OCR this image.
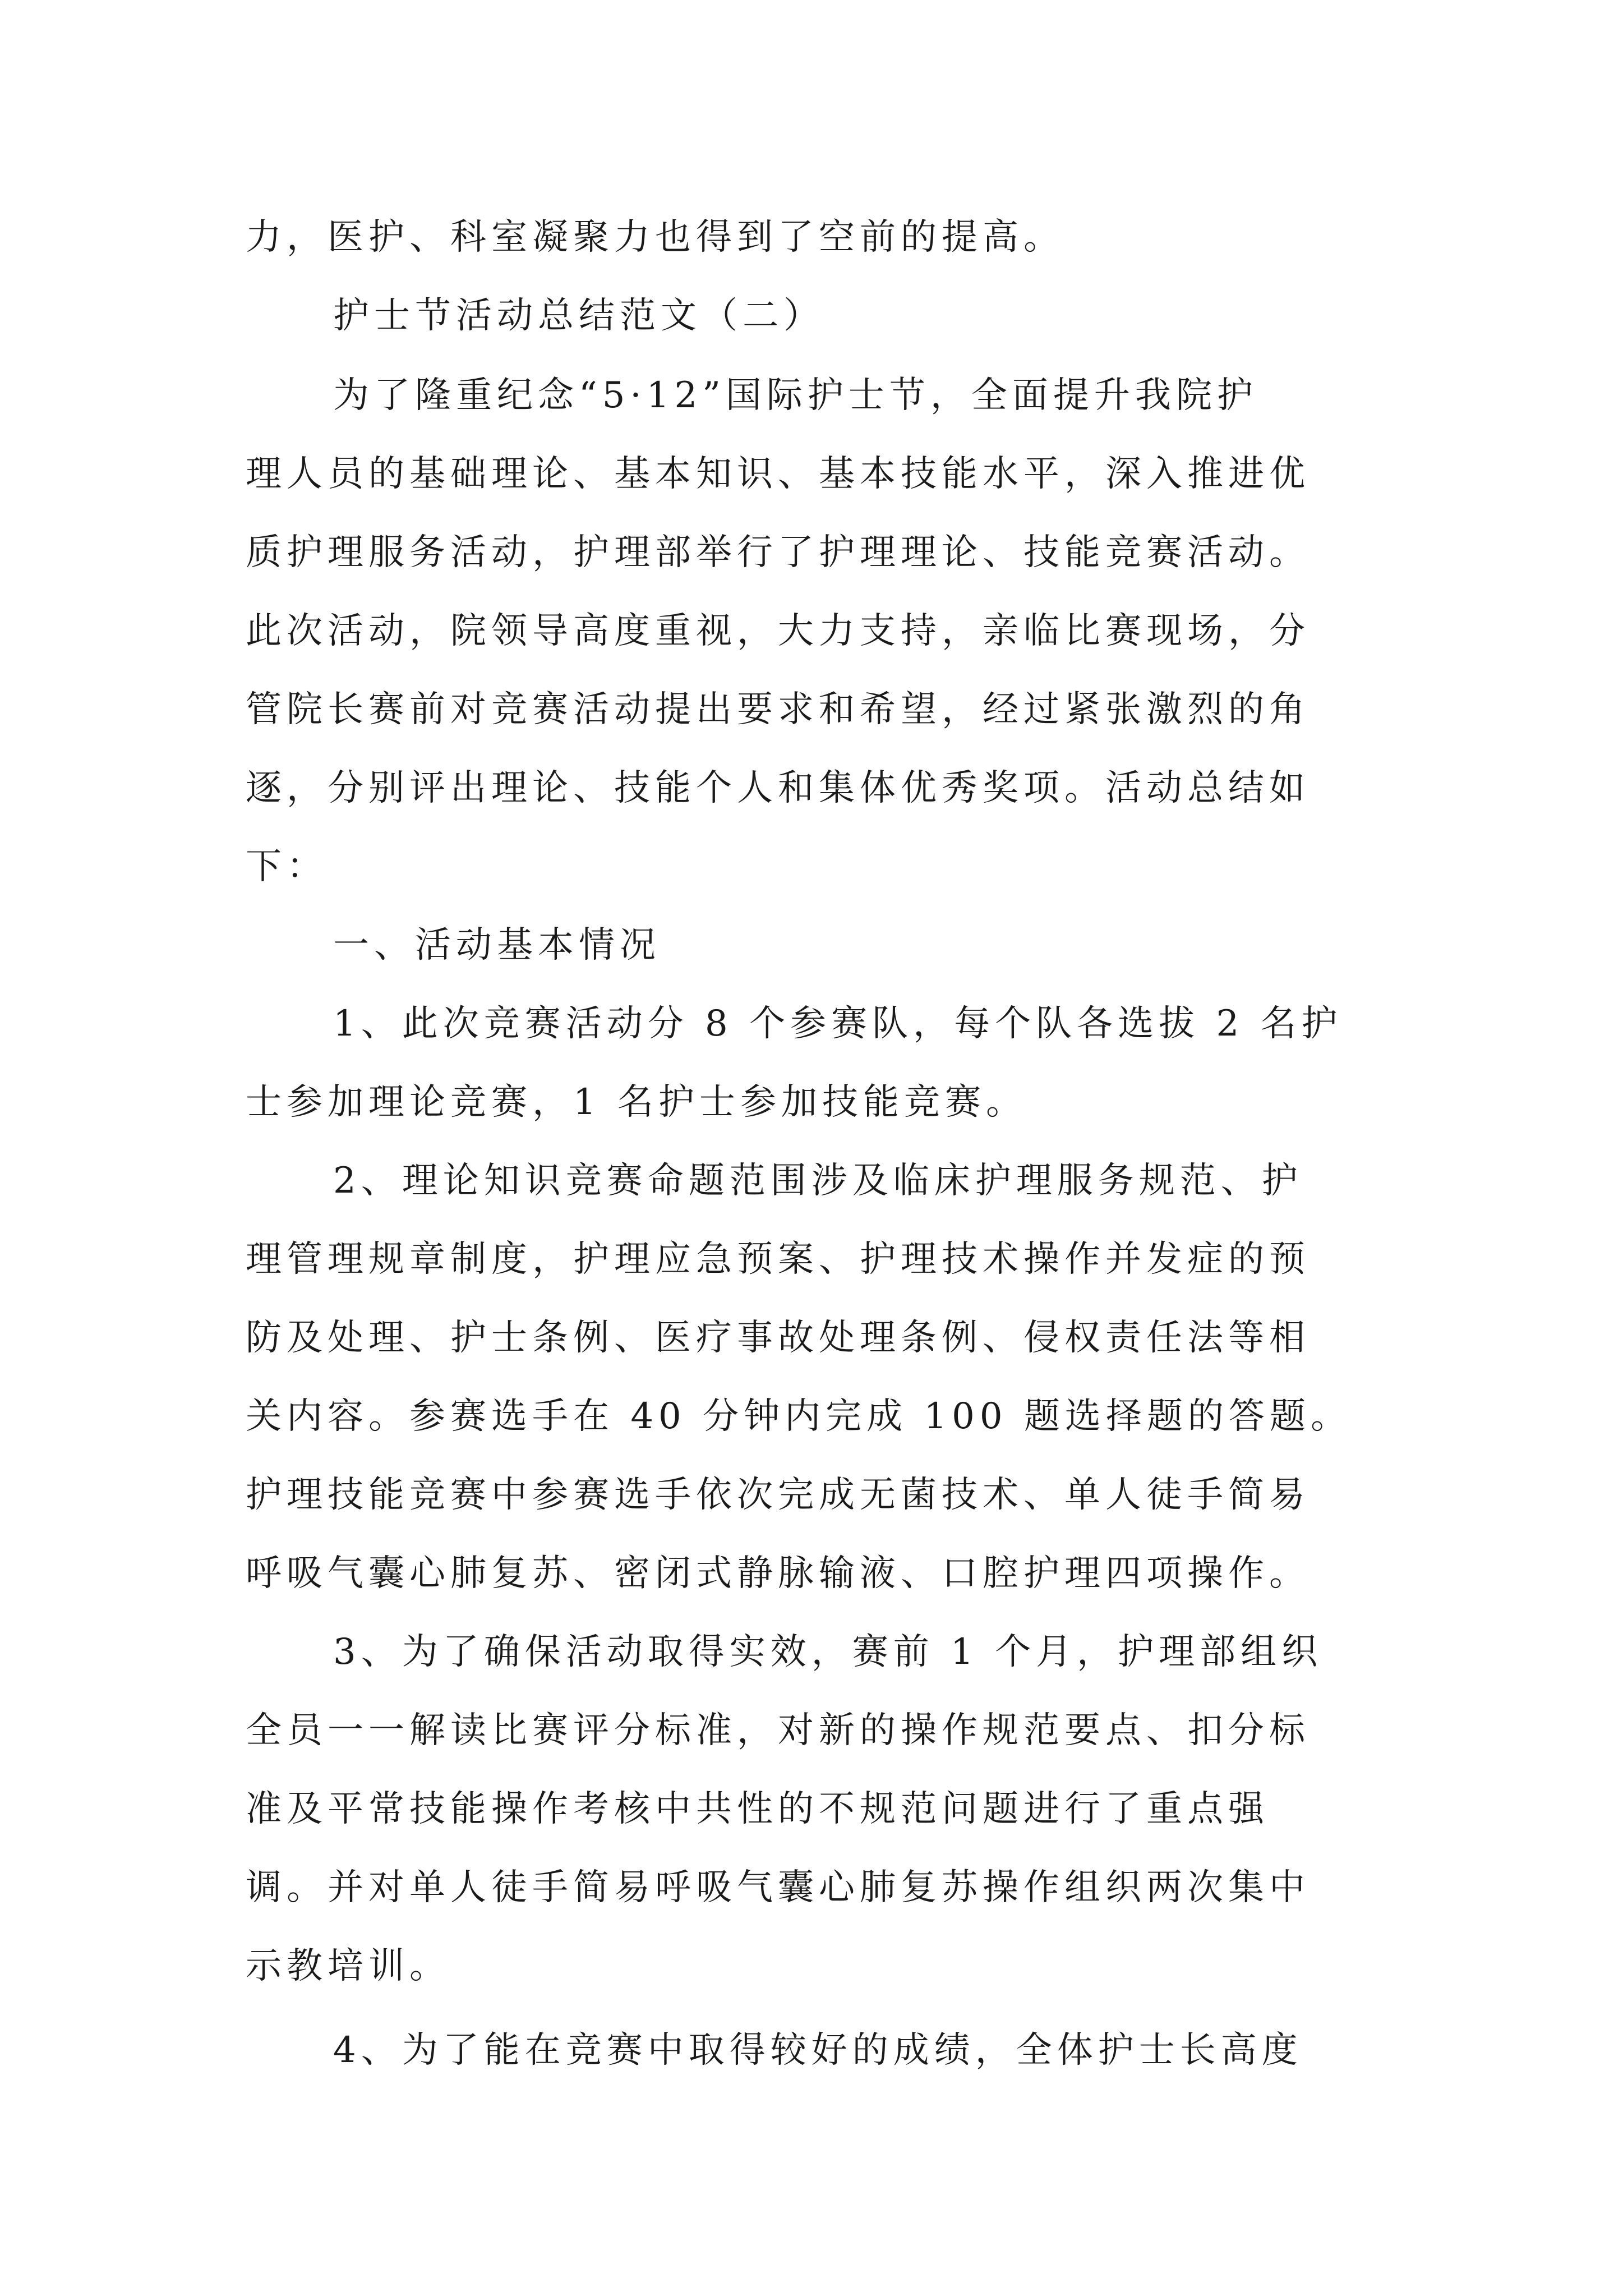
力，医护、科室凝聚力也得到了空前的提高。
护士节活动总结范文（二）
为了隆重纪念“5·12”国际护士节，全面提升我院护
理人员的基础理论、基本知识、基本技能水平，深入推进优
质护理服务活动，护理部举行了护理理论、技能竞赛活动。
此次活动，院领导高度重视，大力支持，亲临比赛现场，分
管院长赛前对竞赛活动提出要求和希望，经过紧张激烈的角
逐，分别评出理论、技能个人和集体优秀奖项。活动总结如
下：
一、活动基本情况
1、此次竞赛活动分 8 个参赛队，每个队各选拔 2 名护
士参加理论竞赛，1 名护士参加技能竞赛。
2、理论知识竞赛命题范围涉及临床护理服务规范、护
理管理规章制度，护理应急预案、护理技术操作并发症的预
防及处理、护士条例、医疗事故处理条例、侵权责任法等相
关内容。参赛选手在 40 分钟内完成 100 题选择题的答题。
护理技能竞赛中参赛选手依次完成无菌技术、单人徒手简易
呼吸气囊心肺复苏、密闭式静脉输液、口腔护理四项操作。
3、为了确保活动取得实效，赛前 1 个月，护理部组织
全员一一解读比赛评分标准，对新的操作规范要点、扣分标
准及平常技能操作考核中共性的不规范问题进行了重点强
调。并对单人徒手简易呼吸气囊心肺复苏操作组织两次集中
示教培训。
4、为了能在竞赛中取得较好的成绩，全体护士长高度
